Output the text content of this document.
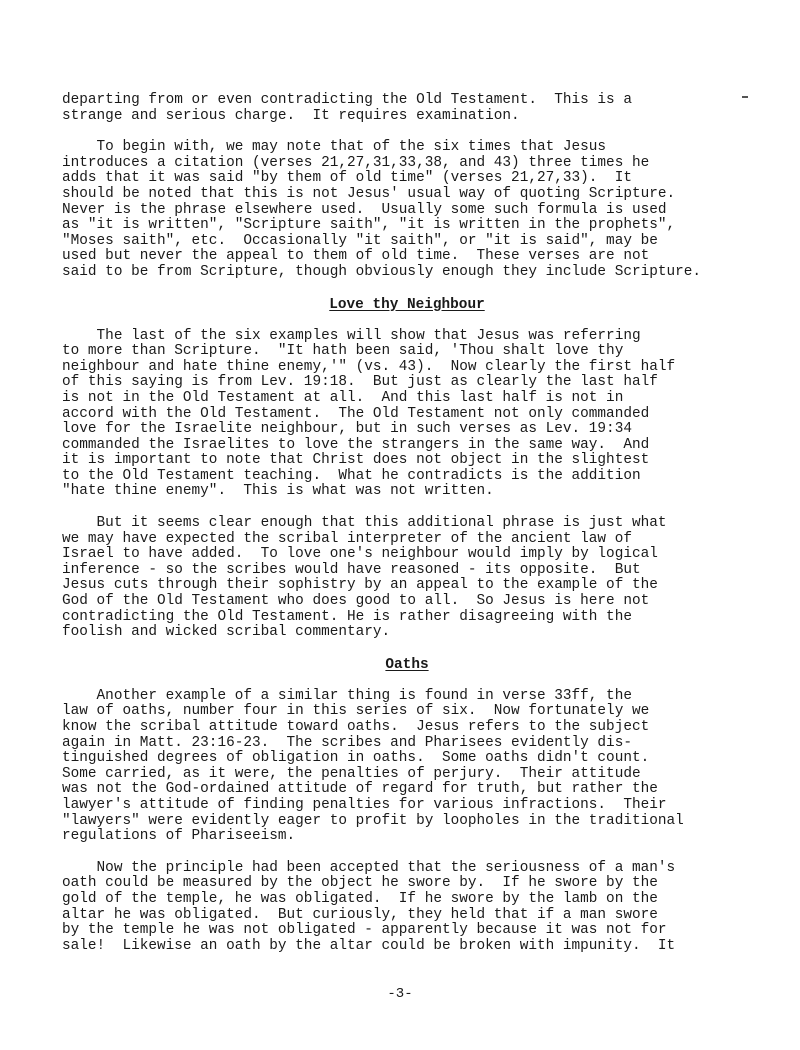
departing from or even contradicting the Old Testament.  This is a
strange and serious charge.  It requires examination.

To begin with, we may note that of the six times that Jesus
introduces a citation (verses 21,27,31,33,38, and 43) three times he
adds that it was said "by them of old time" (verses 21,27,33).  It
should be noted that this is not Jesus' usual way of quoting Scripture.
Never is the phrase elsewhere used.  Usually some such formula is used
as "it is written", "Scripture saith", "it is written in the prophets",
"Moses saith", etc.  Occasionally "it saith", or "it is said", may be
used but never the appeal to them of old time.  These verses are not
said to be from Scripture, though obviously enough they include Scripture.

Love thy Neighbour

The last of the six examples will show that Jesus was referring
to more than Scripture.  "It hath been said, 'Thou shalt love thy
neighbour and hate thine enemy,'" (vs. 43).  Now clearly the first half
of this saying is from Lev. 19:18.  But just as clearly the last half
is not in the Old Testament at all.  And this last half is not in
accord with the Old Testament.  The Old Testament not only commanded
love for the Israelite neighbour, but in such verses as Lev. 19:34
commanded the Israelites to love the strangers in the same way.  And
it is important to note that Christ does not object in the slightest
to the Old Testament teaching.  What he contradicts is the addition
"hate thine enemy".  This is what was not written.

But it seems clear enough that this additional phrase is just what
we may have expected the scribal interpreter of the ancient law of
Israel to have added.  To love one's neighbour would imply by logical
inference - so the scribes would have reasoned - its opposite.  But
Jesus cuts through their sophistry by an appeal to the example of the
God of the Old Testament who does good to all.  So Jesus is here not
contradicting the Old Testament. He is rather disagreeing with the
foolish and wicked scribal commentary.

Oaths

Another example of a similar thing is found in verse 33ff, the
law of oaths, number four in this series of six.  Now fortunately we
know the scribal attitude toward oaths.  Jesus refers to the subject
again in Matt. 23:16-23.  The scribes and Pharisees evidently dis-
tinguished degrees of obligation in oaths.  Some oaths didn't count.
Some carried, as it were, the penalties of perjury.  Their attitude
was not the God-ordained attitude of regard for truth, but rather the
lawyer's attitude of finding penalties for various infractions.  Their
"lawyers" were evidently eager to profit by loopholes in the traditional
regulations of Phariseeism.

Now the principle had been accepted that the seriousness of a man's
oath could be measured by the object he swore by.  If he swore by the
gold of the temple, he was obligated.  If he swore by the lamb on the
altar he was obligated.  But curiously, they held that if a man swore
by the temple he was not obligated - apparently because it was not for
sale!  Likewise an oath by the altar could be broken with impunity.  It

-3-
